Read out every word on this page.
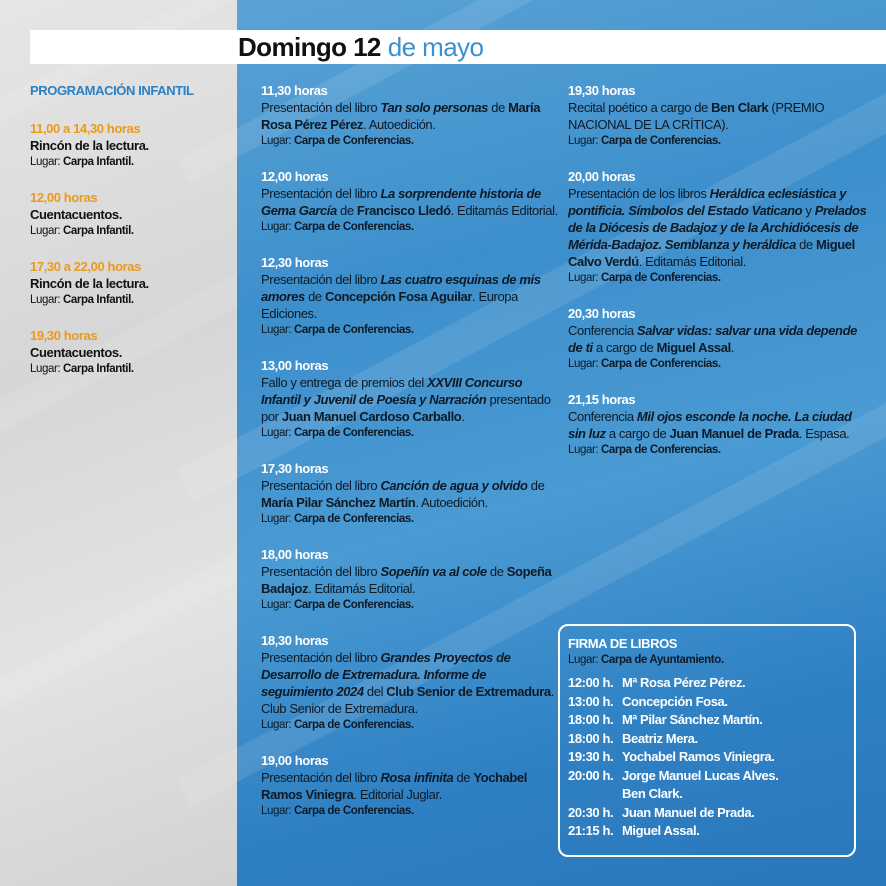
Domingo 12 de mayo
PROGRAMACIÓN INFANTIL
11,00 a 14,30 horas
Rincón de la lectura.
Lugar: Carpa Infantil.
12,00 horas
Cuentacuentos.
Lugar: Carpa Infantil.
17,30 a 22,00 horas
Rincón de la lectura.
Lugar: Carpa Infantil.
19,30 horas
Cuentacuentos.
Lugar: Carpa Infantil.
11,30 horas
Presentación del libro Tan solo personas de María Rosa Pérez Pérez. Autoedición.
Lugar: Carpa de Conferencias.
12,00 horas
Presentación del libro La sorprendente historia de Gema García de Francisco Lledó. Editamás Editorial.
Lugar: Carpa de Conferencias.
12,30 horas
Presentación del libro Las cuatro esquinas de mis amores de Concepción Fosa Aguilar. Europa Ediciones.
Lugar: Carpa de Conferencias.
13,00 horas
Fallo y entrega de premios del XXVIII Concurso Infantil y Juvenil de Poesía y Narración presentado por Juan Manuel Cardoso Carballo.
Lugar: Carpa de Conferencias.
17,30 horas
Presentación del libro Canción de agua y olvido de María Pilar Sánchez Martín. Autoedición.
Lugar: Carpa de Conferencias.
18,00 horas
Presentación del libro Sopeñín va al cole de Sopeña Badajoz. Editamás Editorial.
Lugar: Carpa de Conferencias.
18,30 horas
Presentación del libro Grandes Proyectos de Desarrollo de Extremadura. Informe de seguimiento 2024 del Club Senior de Extremadura. Club Senior de Extremadura.
Lugar: Carpa de Conferencias.
19,00 horas
Presentación del libro Rosa infinita de Yochabel Ramos Viniegra. Editorial Juglar.
Lugar: Carpa de Conferencias.
19,30 horas
Recital poético a cargo de Ben Clark (PREMIO NACIONAL DE LA CRÍTICA).
Lugar: Carpa de Conferencias.
20,00 horas
Presentación de los libros Heráldica eclesiástica y pontificia. Símbolos del Estado Vaticano y Prelados de la Diócesis de Badajoz y de la Archidiócesis de Mérida-Badajoz. Semblanza y heráldica de Miguel Calvo Verdú. Editamás Editorial.
Lugar: Carpa de Conferencias.
20,30 horas
Conferencia Salvar vidas: salvar una vida depende de ti a cargo de Miguel Assal.
Lugar: Carpa de Conferencias.
21,15 horas
Conferencia Mil ojos esconde la noche. La ciudad sin luz a cargo de Juan Manuel de Prada. Espasa.
Lugar: Carpa de Conferencias.
FIRMA DE LIBROS
Lugar: Carpa de Ayuntamiento.
12:00 h. Mª Rosa Pérez Pérez.
13:00 h. Concepción Fosa.
18:00 h. Mª Pilar Sánchez Martín.
18:00 h. Beatriz Mera.
19:30 h. Yochabel Ramos Viniegra.
20:00 h. Jorge Manuel Lucas Alves.
Ben Clark.
20:30 h. Juan Manuel de Prada.
21:15 h. Miguel Assal.
